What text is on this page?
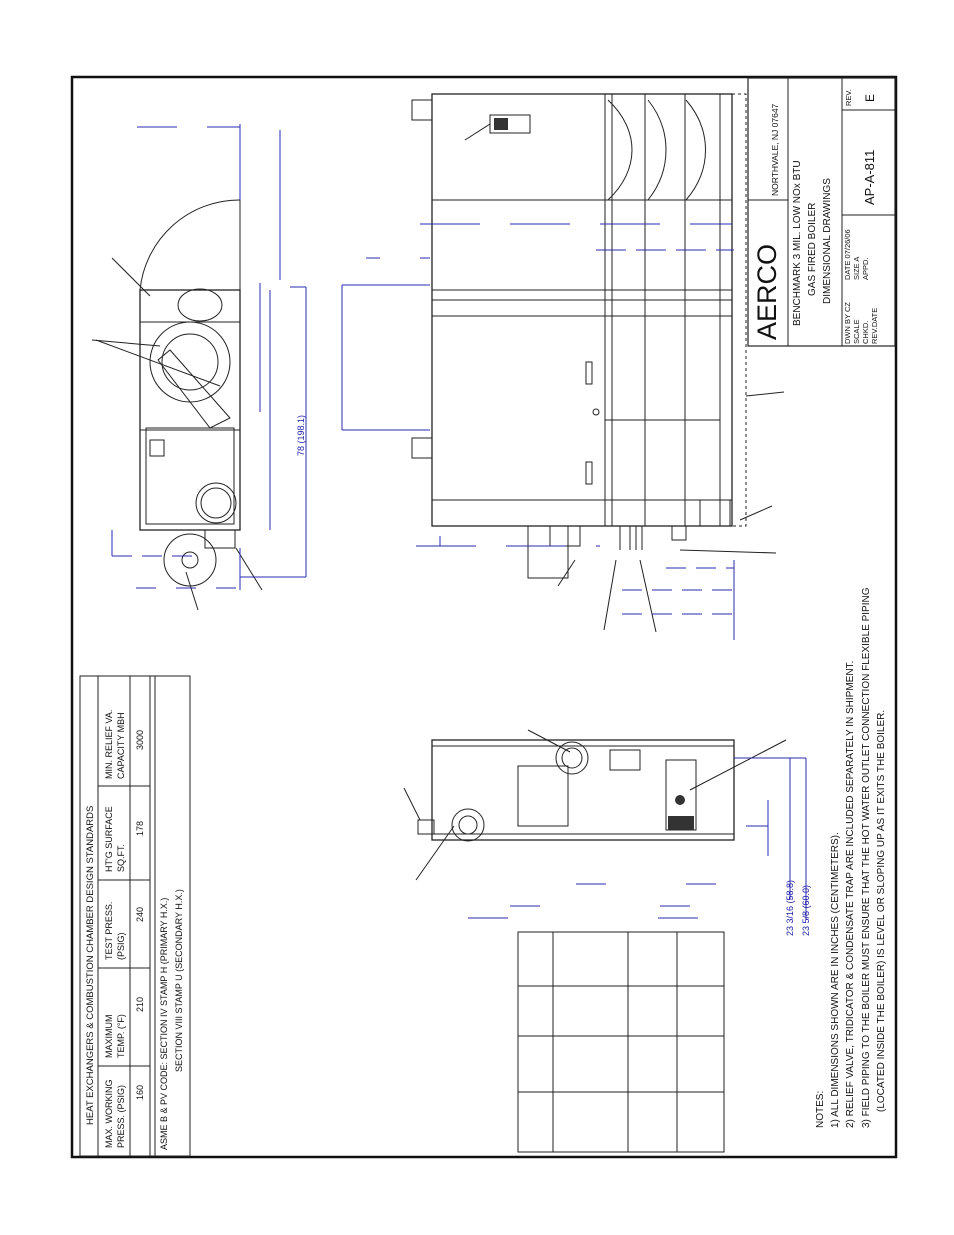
AERCO
NORTHVALE, NJ 07647
BENCHMARK 3 MIL. LOW NOx BTU GAS FIRED BOILER DIMENSIONAL DRAWINGS
DWN BY CZ SCALE CHKD. REV.DATE
DATE 07/26/06 SIZE A APPD.
AP-A-811
REV. E
HEAT EXCHANGERS & COMBUSTION CHAMBER DESIGN STANDARDS MAX. WORKING PRESS. (PSIG)
MAXIMUM TEMP. (°F)
TEST PRESS. (PSIG)
HT'G SURFACE SQ.FT.
MIN. RELIEF VA. CAPACITY MBH
160
210
240
178
3000
ASME B & PV CODE: SECTION IV STAMP H (PRIMARY H.X.) SECTION VIII STAMP U (SECONDARY H.X.)
NOTES: 1) ALL DIMENSIONS SHOWN ARE IN INCHES (CENTIMETERS). 2) RELIEF VALVE, TRIDICATOR & CONDENSATE TRAP ARE INCLUDED SEPARATELY IN SHIPMENT. 3) FIELD PIPING TO THE BOILER MUST ENSURE THAT THE HOT WATER OUTLET CONNECTION FLEXIBLE PIPING (LOCATED INSIDE THE BOILER) IS LEVEL OR SLOPING UP AS IT EXITS THE BOILER.
78 (198.1)
23 3/16 (58.8) 23 5/8 (60.0)
